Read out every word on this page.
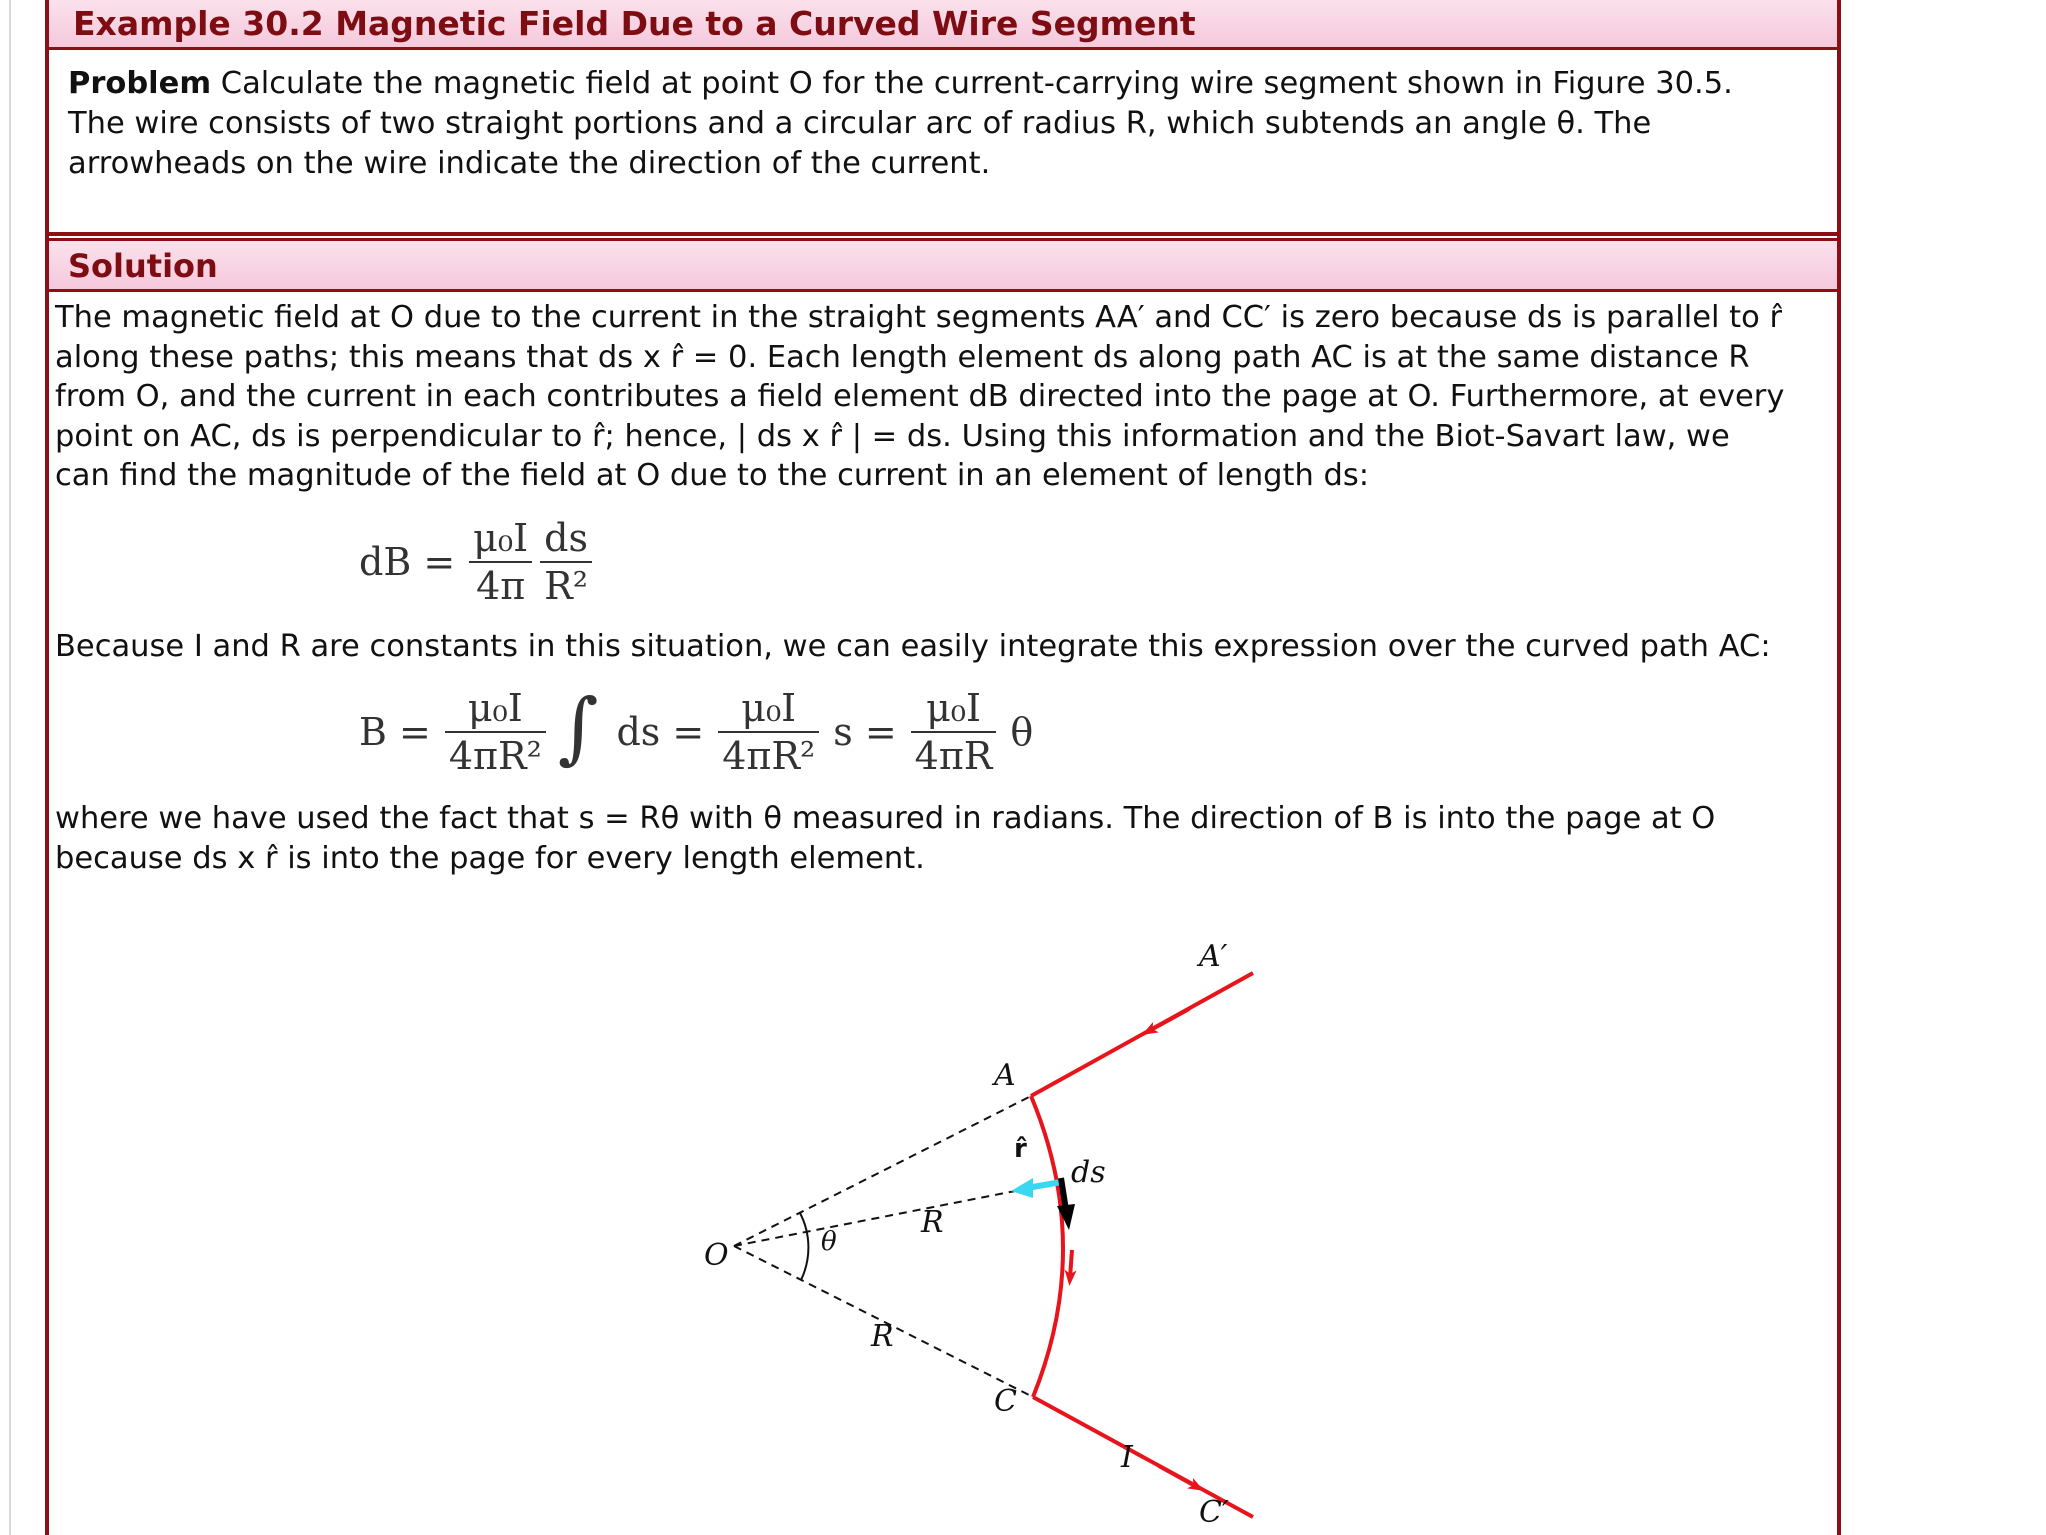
Example 30.2 Magnetic Field Due to a Curved Wire Segment
Problem Calculate the magnetic field at point O for the current-carrying wire segment shown in Figure 30.5.
The wire consists of two straight portions and a circular arc of radius R, which subtends an angle θ. The
arrowheads on the wire indicate the direction of the current.
Solution
The magnetic field at O due to the current in the straight segments AA′ and CC′ is zero because ds is parallel to r̂
along these paths; this means that ds x r̂ = 0. Each length element ds along path AC is at the same distance R
from O, and the current in each contributes a field element dB directed into the page at O. Furthermore, at every
point on AC, ds is perpendicular to r̂; hence, | ds x r̂ | = ds. Using this information and the Biot-Savart law, we
can find the magnitude of the field at O due to the current in an element of length ds:
dB = $\frac{\text{μ₀I}}{4\pi} \frac{ds}{\text{R²}}$
Because I and R are constants in this situation, we can easily integrate this expression over the curved path AC:
$B = \frac{\text{μ₀I}}{\text{4πR²}}$ ∫ ds = $\frac{\text{μ₀I}}{\text{4πR²}}$ $s = \frac{\text{μ₀I}}{4\pi R}$ θ
where we have used the fact that s = Rθ with θ measured in radians. The direction of B is into the page at O
because ds x r̂ is into the page for every length element.
A′
A
r̂
ds
R
O	θ
R
C
I
C′
